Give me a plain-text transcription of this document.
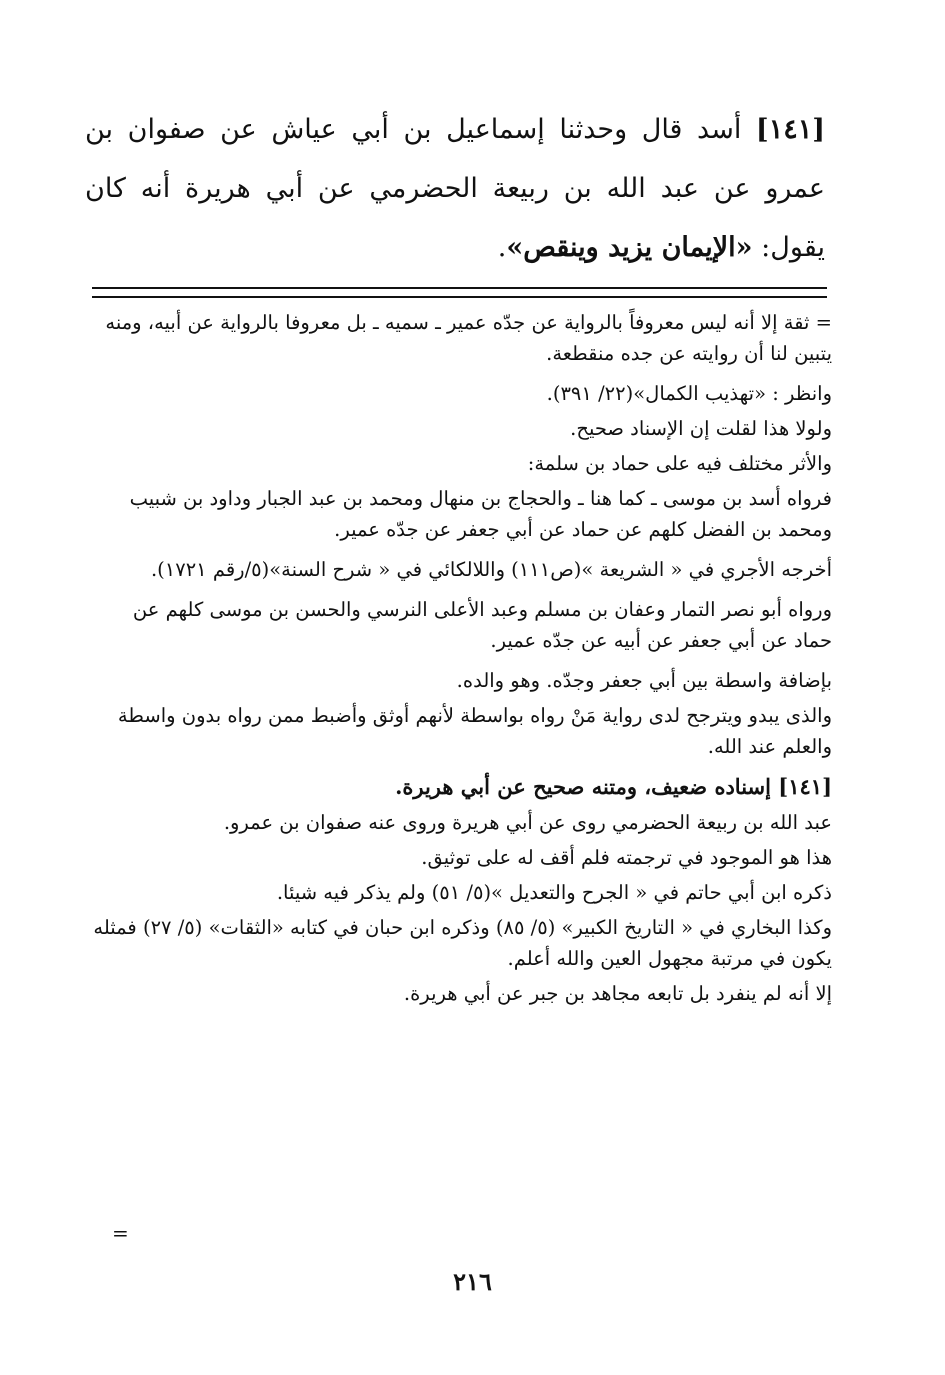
[١٤١] أسد قال وحدثنا إسماعيل بن أبي عياش عن صفوان بن

عمرو عن عبد الله بن ربيعة الحضرمي عن أبي هريرة أنه كان

يقول: «الإيمان يزيد وينقص».

= ثقة إلا أنه ليس معروفاً بالرواية عن جدّه عمير ـ سميه ـ بل معروفا بالرواية عن أبيه، ومنه يتبين لنا أن روايته عن جده منقطعة.

وانظر : «تهذيب الكمال»(٢٢/ ٣٩١).

ولولا هذا لقلت إن الإسناد صحيح.

والأثر مختلف فيه على حماد بن سلمة:

فرواه أسد بن موسى ـ كما هنا ـ والحجاج بن منهال ومحمد بن عبد الجبار وداود بن شبيب ومحمد بن الفضل كلهم عن حماد عن أبي جعفر عن جدّه عمير.

أخرجه الأجري في « الشريعة »(ص١١١) واللالكائي في « شرح السنة»(٥/رقم ١٧٢١).

ورواه أبو نصر التمار وعفان بن مسلم وعبد الأعلى النرسي والحسن بن موسى كلهم عن حماد عن أبي جعفر عن أبيه عن جدّه عمير.

بإضافة واسطة بين أبي جعفر وجدّه. وهو والده.

والذى يبدو ويترجح لدى رواية مَنْ رواه بواسطة لأنهم أوثق وأضبط ممن رواه بدون واسطة والعلم عند الله.

[١٤١] إسناده ضعيف، ومتنه صحيح عن أبي هريرة.

عبد الله بن ربيعة الحضرمي روى عن أبي هريرة وروى عنه صفوان بن عمرو.

هذا هو الموجود في ترجمته فلم أقف له على توثيق.

ذكره ابن أبي حاتم في « الجرح والتعديل »(٥/ ٥١) ولم يذكر فيه شيئا.

وكذا البخاري في « التاريخ الكبير» (٥/ ٨٥) وذكره ابن حبان في كتابه «الثقات» (٥/ ٢٧) فمثله يكون في مرتبة مجهول العين والله أعلم.

إلا أنه لم ينفرد بل تابعه مجاهد بن جبر عن أبي هريرة.

=
٢١٦
